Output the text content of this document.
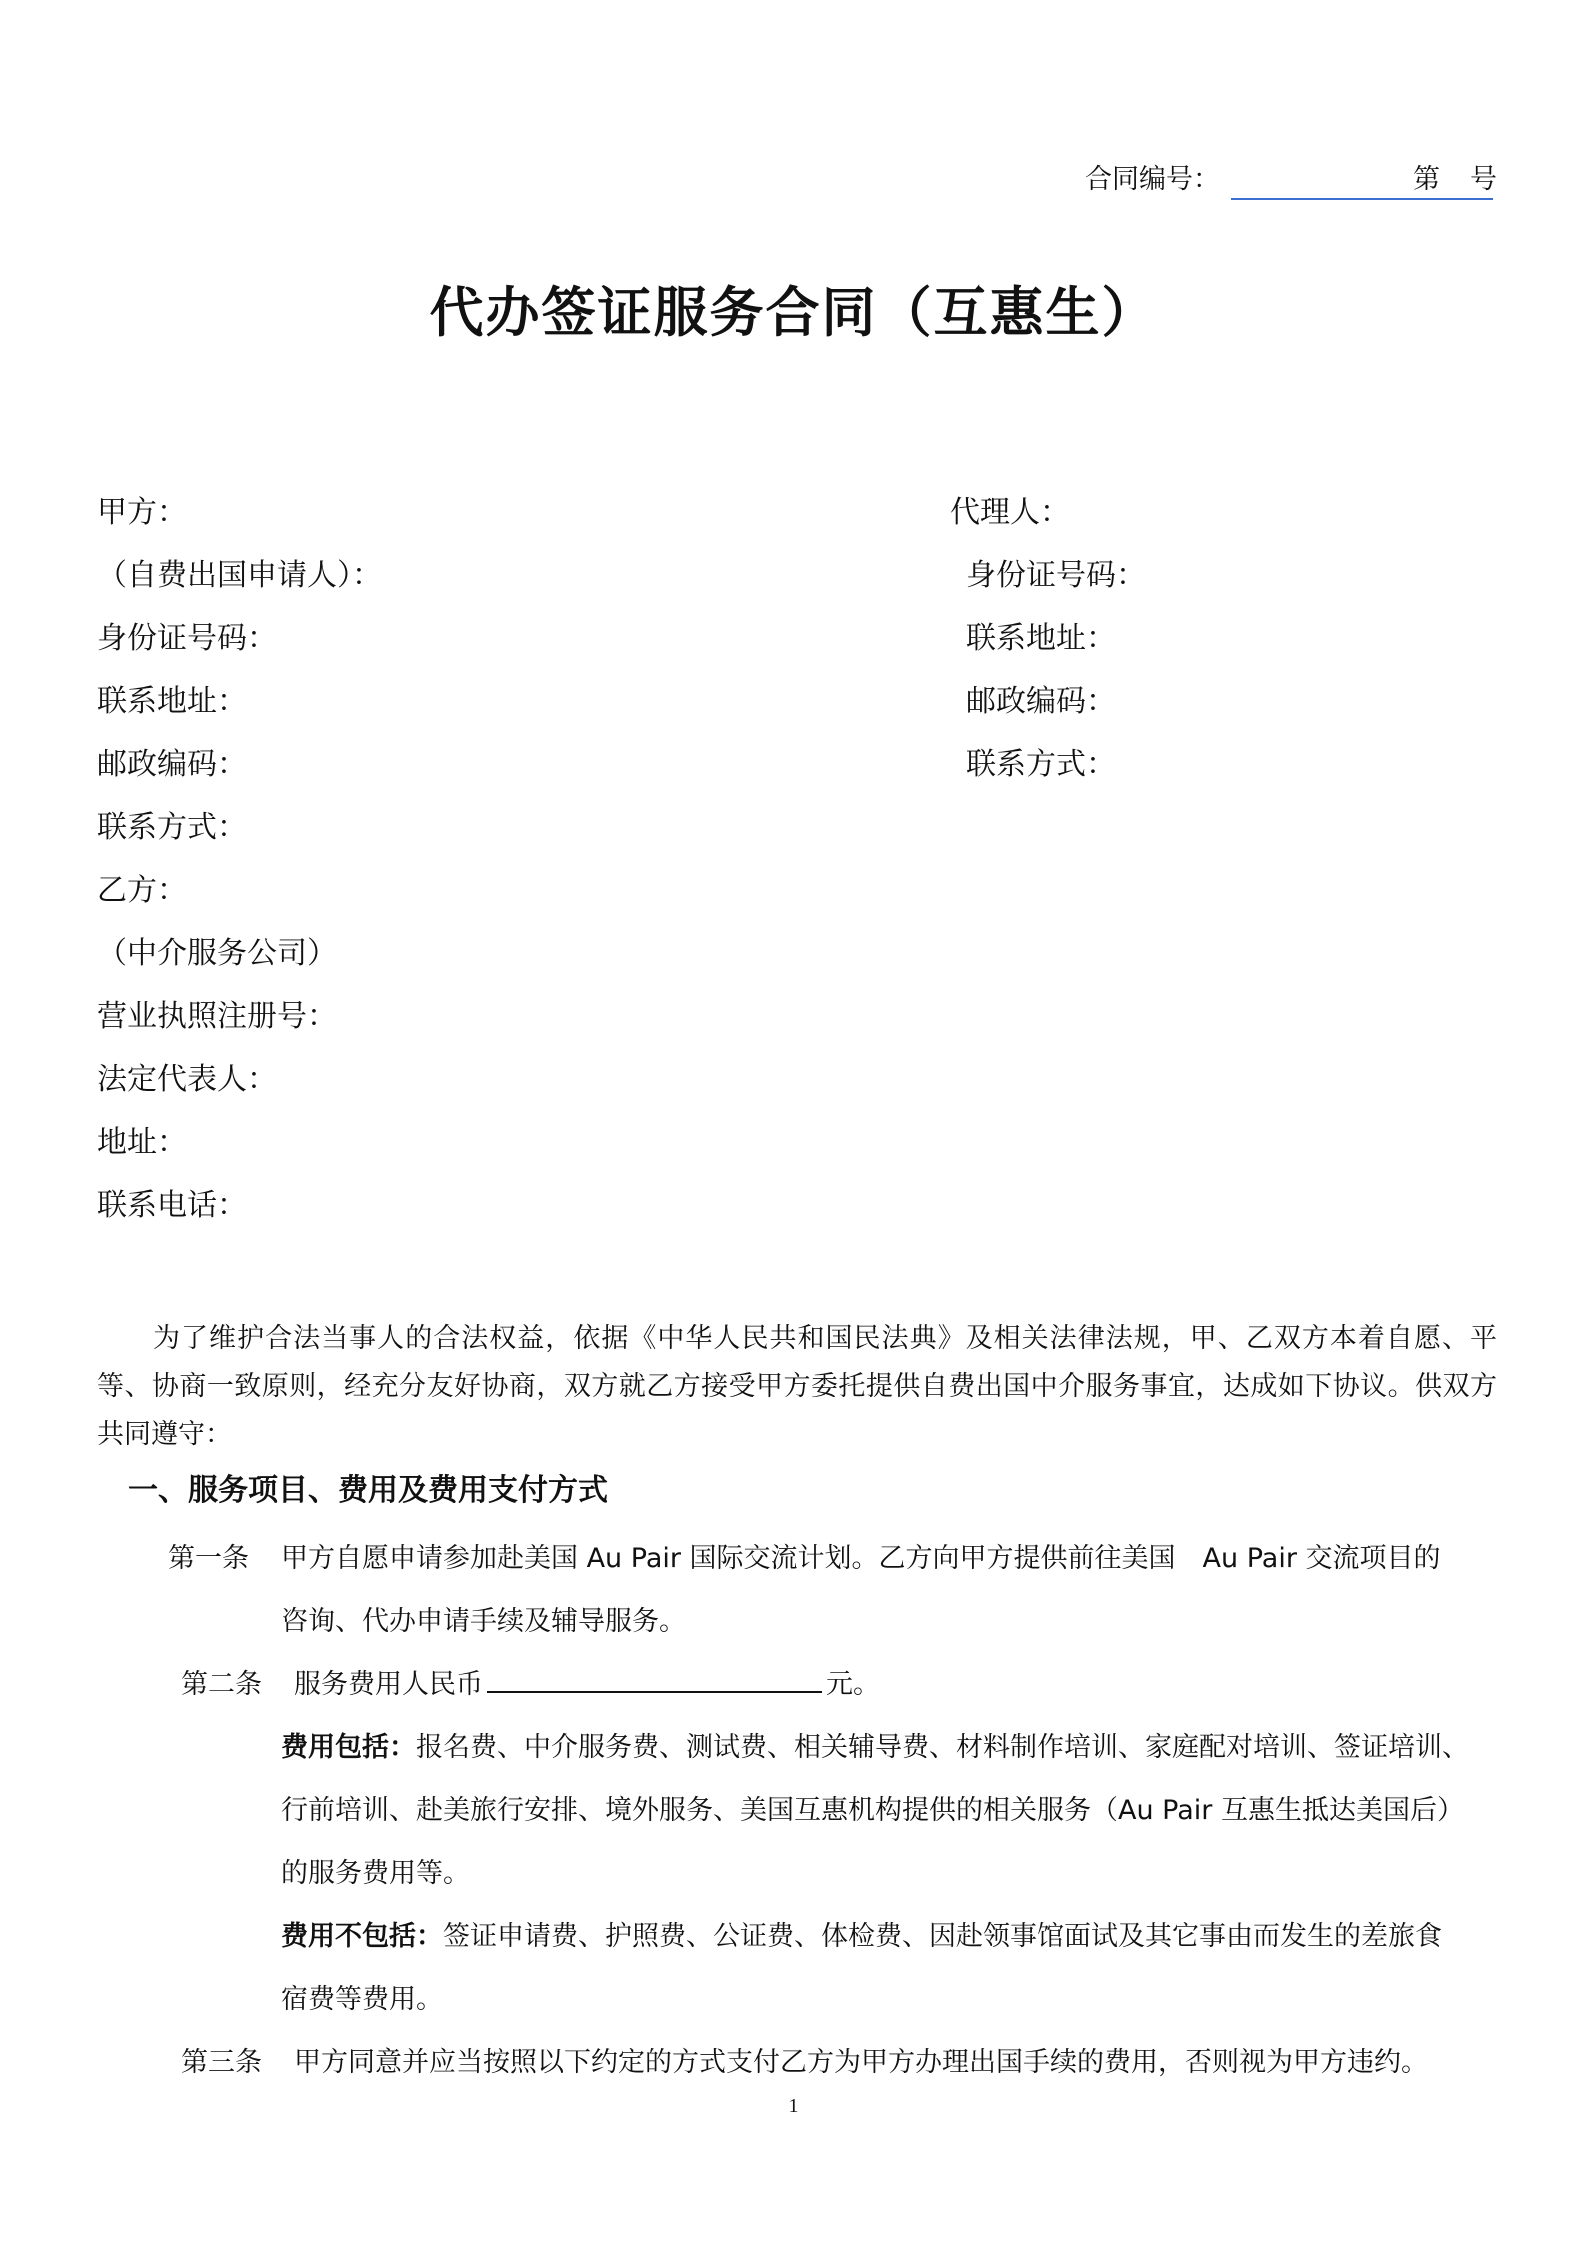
合同编号：	第 号
代办签证服务合同（互惠生）
甲方：
（自费出国申请人）：
身份证号码：
联系地址：
邮政编码：
联系方式：
乙方：
（中介服务公司）
营业执照注册号：
法定代表人：
地址：
联系电话：
代理人：
身份证号码：
联系地址：
邮政编码：
联系方式：
为了维护合法当事人的合法权益，依据《中华人民共和国民法典》及相关法律法规，甲、乙双方本着自愿、平等、协商一致原则，经充分友好协商，双方就乙方接受甲方委托提供自费出国中介服务事宜，达成如下协议。供双方共同遵守：
一、服务项目、费用及费用支付方式
第一条 甲方自愿申请参加赴美国 Au Pair 国际交流计划。乙方向甲方提供前往美国　Au Pair 交流项目的
咨询、代办申请手续及辅导服务。
第二条 服务费用人民币	元。
费用包括：报名费、中介服务费、测试费、相关辅导费、材料制作培训、家庭配对培训、签证培训、
行前培训、赴美旅行安排、境外服务、美国互惠机构提供的相关服务（Au Pair 互惠生抵达美国后）
的服务费用等。
费用不包括：签证申请费、护照费、公证费、体检费、因赴领事馆面试及其它事由而发生的差旅食
宿费等费用。
第三条 甲方同意并应当按照以下约定的方式支付乙方为甲方办理出国手续的费用，否则视为甲方违约。
1
